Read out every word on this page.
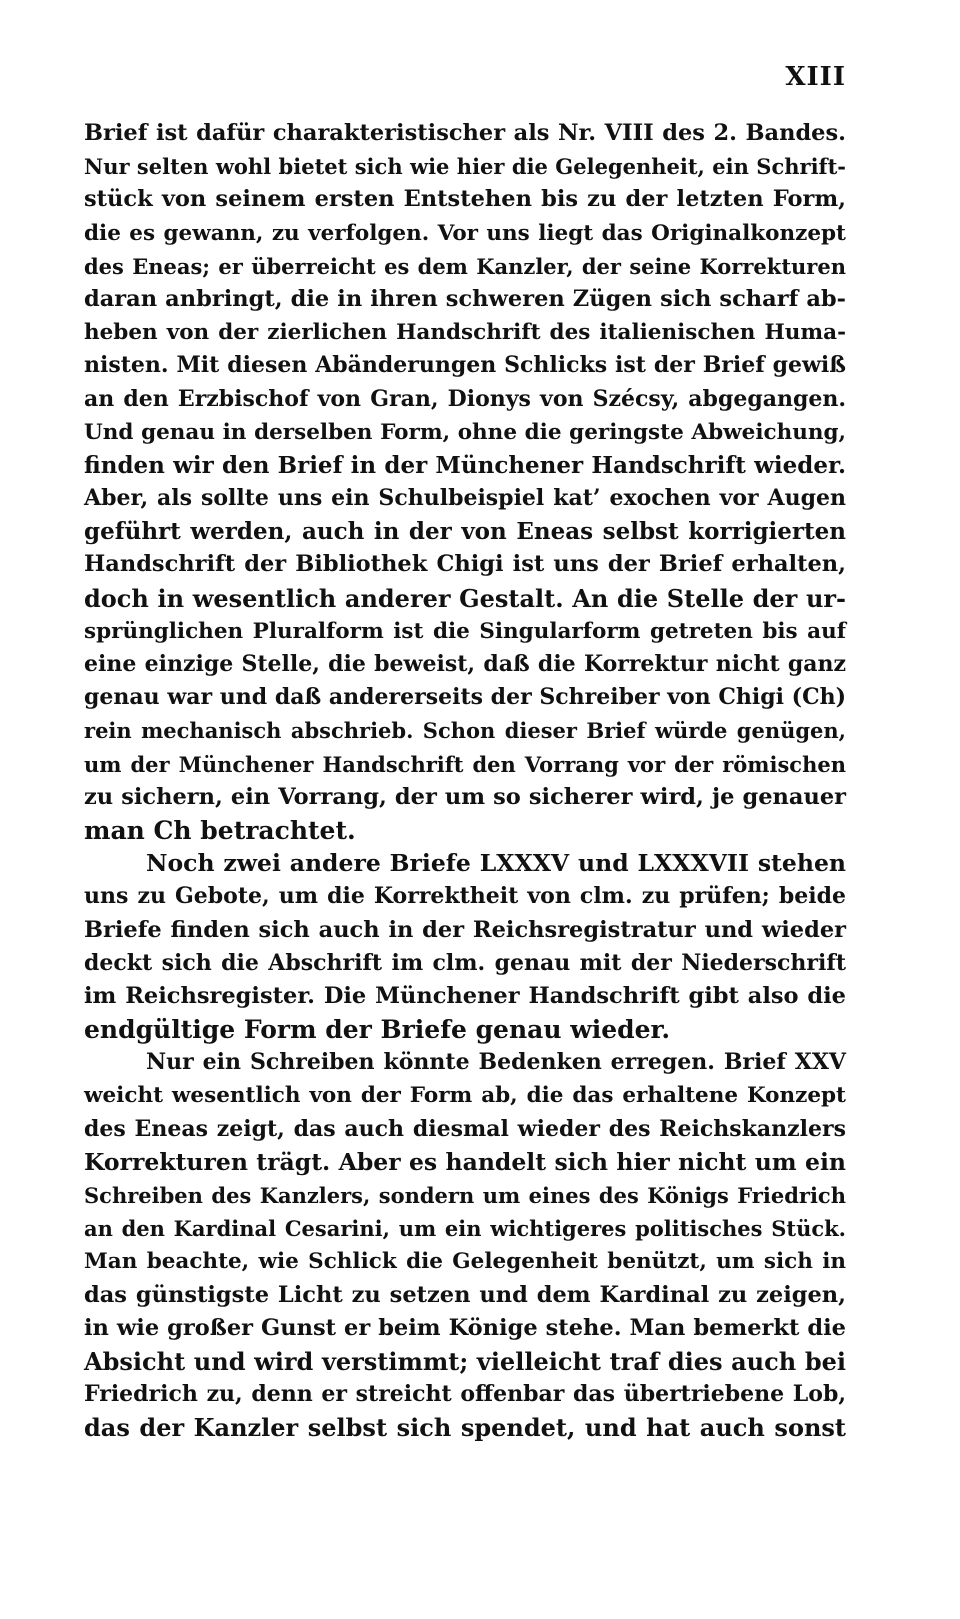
XIII
Brief ist dafür charakteristischer als Nr. VIII des 2. Bandes.
Nur selten wohl bietet sich wie hier die Gelegenheit, ein Schrift-
stück von seinem ersten Entstehen bis zu der letzten Form,
die es gewann, zu verfolgen. Vor uns liegt das Originalkonzept
des Eneas; er überreicht es dem Kanzler, der seine Korrekturen
daran anbringt, die in ihren schweren Zügen sich scharf ab-
heben von der zierlichen Handschrift des italienischen Huma-
nisten. Mit diesen Abänderungen Schlicks ist der Brief gewiß
an den Erzbischof von Gran, Dionys von Szécsy, abgegangen.
Und genau in derselben Form, ohne die geringste Abweichung,
finden wir den Brief in der Münchener Handschrift wieder.
Aber, als sollte uns ein Schulbeispiel kat’ exochen vor Augen
geführt werden, auch in der von Eneas selbst korrigierten
Handschrift der Bibliothek Chigi ist uns der Brief erhalten,
doch in wesentlich anderer Gestalt. An die Stelle der ur-
sprünglichen Pluralform ist die Singularform getreten bis auf
eine einzige Stelle, die beweist, daß die Korrektur nicht ganz
genau war und daß andererseits der Schreiber von Chigi (Ch)
rein mechanisch abschrieb. Schon dieser Brief würde genügen,
um der Münchener Handschrift den Vorrang vor der römischen
zu sichern, ein Vorrang, der um so sicherer wird, je genauer
man Ch betrachtet.
Noch zwei andere Briefe LXXXV und LXXXVII stehen
uns zu Gebote, um die Korrektheit von clm. zu prüfen; beide
Briefe finden sich auch in der Reichsregistratur und wieder
deckt sich die Abschrift im clm. genau mit der Niederschrift
im Reichsregister. Die Münchener Handschrift gibt also die
endgültige Form der Briefe genau wieder.
Nur ein Schreiben könnte Bedenken erregen. Brief XXV
weicht wesentlich von der Form ab, die das erhaltene Konzept
des Eneas zeigt, das auch diesmal wieder des Reichskanzlers
Korrekturen trägt. Aber es handelt sich hier nicht um ein
Schreiben des Kanzlers, sondern um eines des Königs Friedrich
an den Kardinal Cesarini, um ein wichtigeres politisches Stück.
Man beachte, wie Schlick die Gelegenheit benützt, um sich in
das günstigste Licht zu setzen und dem Kardinal zu zeigen,
in wie großer Gunst er beim Könige stehe. Man bemerkt die
Absicht und wird verstimmt; vielleicht traf dies auch bei
Friedrich zu, denn er streicht offenbar das übertriebene Lob,
das der Kanzler selbst sich spendet, und hat auch sonst
